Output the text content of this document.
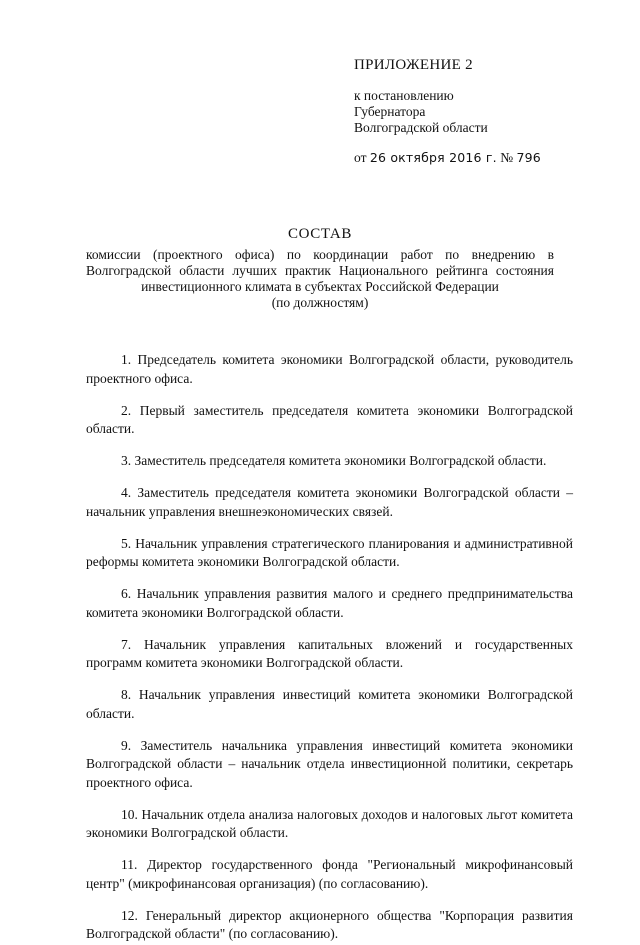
ПРИЛОЖЕНИЕ 2
к постановлению
Губернатора
Волгоградской области
от 26 октября 2016 г. № 796
СОСТАВ
комиссии (проектного офиса) по координации работ по внедрению в Волгоградской области лучших практик Национального рейтинга состояния инвестиционного климата в субъектах Российской Федерации
(по должностям)

1. Председатель комитета экономики Волгоградской области, руководитель проектного офиса.

2. Первый заместитель председателя комитета экономики Волгоградской области.

3. Заместитель председателя комитета экономики Волгоградской области.

4. Заместитель председателя комитета экономики Волгоградской области – начальник управления внешнеэкономических связей.

5. Начальник управления стратегического планирования и административной реформы комитета экономики Волгоградской области.

6. Начальник управления развития малого и среднего предпринимательства комитета экономики Волгоградской области.

7. Начальник управления капитальных вложений и государственных программ комитета экономики Волгоградской области.

8. Начальник управления инвестиций комитета экономики Волгоградской области.

9. Заместитель начальника управления инвестиций комитета экономики Волгоградской области – начальник отдела инвестиционной политики, секретарь проектного офиса.

10. Начальник отдела анализа налоговых доходов и налоговых льгот комитета экономики Волгоградской области.

11. Директор государственного фонда "Региональный микрофинансовый центр" (микрофинансовая организация) (по согласованию).

12. Генеральный директор акционерного общества "Корпорация развития Волгоградской области" (по согласованию).
